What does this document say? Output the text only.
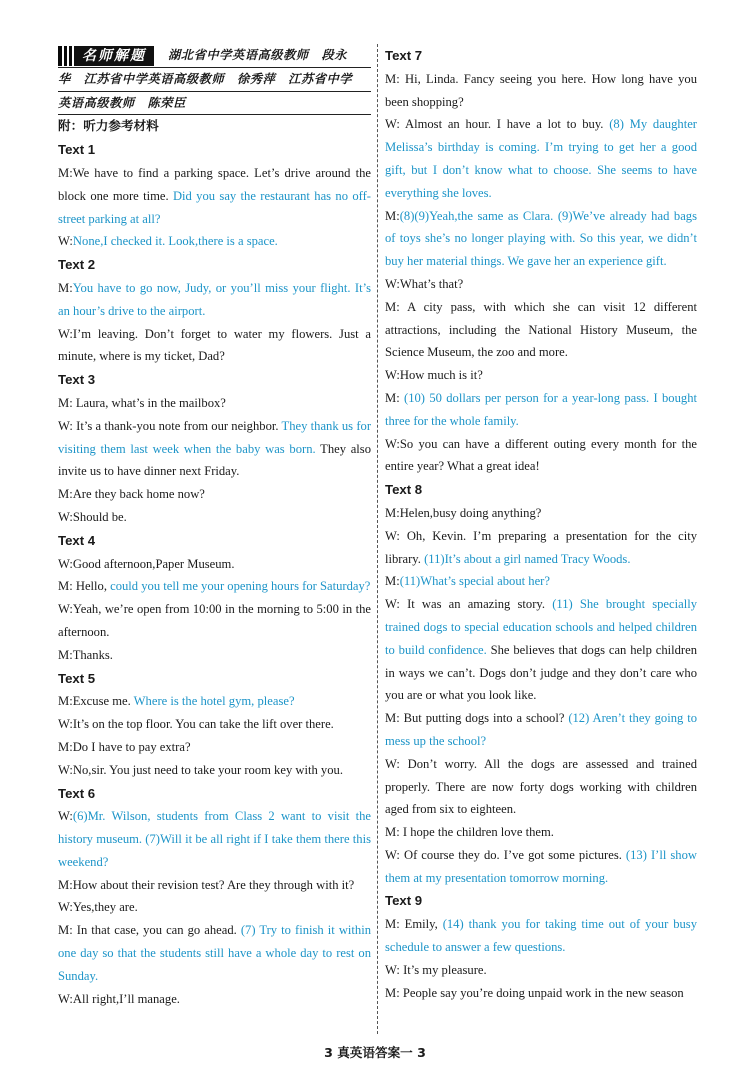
名师解题 湖北省中学英语高级教师　段永
华　江苏省中学英语高级教师　徐秀萍　江苏省中学
英语高级教师　陈荣臣
附：听力参考材料
Text 1
M:We have to find a parking space. Let’s drive around the block one more time. Did you say the restaurant has no off-street parking at all?
W:None,I checked it. Look,there is a space.
Text 2
M:You have to go now, Judy, or you’ll miss your flight. It’s an hour’s drive to the airport.
W:I’m leaving. Don’t forget to water my flowers. Just a minute, where is my ticket, Dad?
Text 3
M: Laura, what’s in the mailbox?
W: It’s a thank-you note from our neighbor. They thank us for visiting them last week when the baby was born. They also invite us to have dinner next Friday.
M:Are they back home now?
W:Should be.
Text 4
W:Good afternoon,Paper Museum.
M: Hello, could you tell me your opening hours for Saturday?
W:Yeah, we’re open from 10:00 in the morning to 5:00 in the afternoon.
M:Thanks.
Text 5
M:Excuse me. Where is the hotel gym, please?
W:It’s on the top floor. You can take the lift over there.
M:Do I have to pay extra?
W:No,sir. You just need to take your room key with you.
Text 6
W:(6)Mr. Wilson, students from Class 2 want to visit the history museum. (7)Will it be all right if I take them there this weekend?
M:How about their revision test? Are they through with it?
W:Yes,they are.
M: In that case, you can go ahead. (7) Try to finish it within one day so that the students still have a whole day to rest on Sunday.
W:All right,I’ll manage.
Text 7
M: Hi, Linda. Fancy seeing you here. How long have you been shopping?
W: Almost an hour. I have a lot to buy. (8) My daughter Melissa’s birthday is coming. I’m trying to get her a good gift, but I don’t know what to choose. She seems to have everything she loves.
M:(8)(9)Yeah,the same as Clara. (9)We’ve already had bags of toys she’s no longer playing with. So this year, we didn’t buy her material things. We gave her an experience gift.
W:What’s that?
M: A city pass, with which she can visit 12 different attractions, including the National History Museum, the Science Museum, the zoo and more.
W:How much is it?
M: (10) 50 dollars per person for a year-long pass. I bought three for the whole family.
W:So you can have a different outing every month for the entire year? What a great idea!
Text 8
M:Helen,busy doing anything?
W: Oh, Kevin. I’m preparing a presentation for the city library. (11)It’s about a girl named Tracy Woods.
M:(11)What’s special about her?
W: It was an amazing story. (11) She brought specially trained dogs to special education schools and helped children to build confidence. She believes that dogs can help children in ways we can’t. Dogs don’t judge and they don’t care who you are or what you look like.
M: But putting dogs into a school? (12) Aren’t they going to mess up the school?
W: Don’t worry. All the dogs are assessed and trained properly. There are now forty dogs working with children aged from six to eighteen.
M: I hope the children love them.
W: Of course they do. I’ve got some pictures. (13) I’ll show them at my presentation tomorrow morning.
Text 9
M: Emily, (14) thank you for taking time out of your busy schedule to answer a few questions.
W: It’s my pleasure.
M: People say you’re doing unpaid work in the new season
3 真英语答案一 3
